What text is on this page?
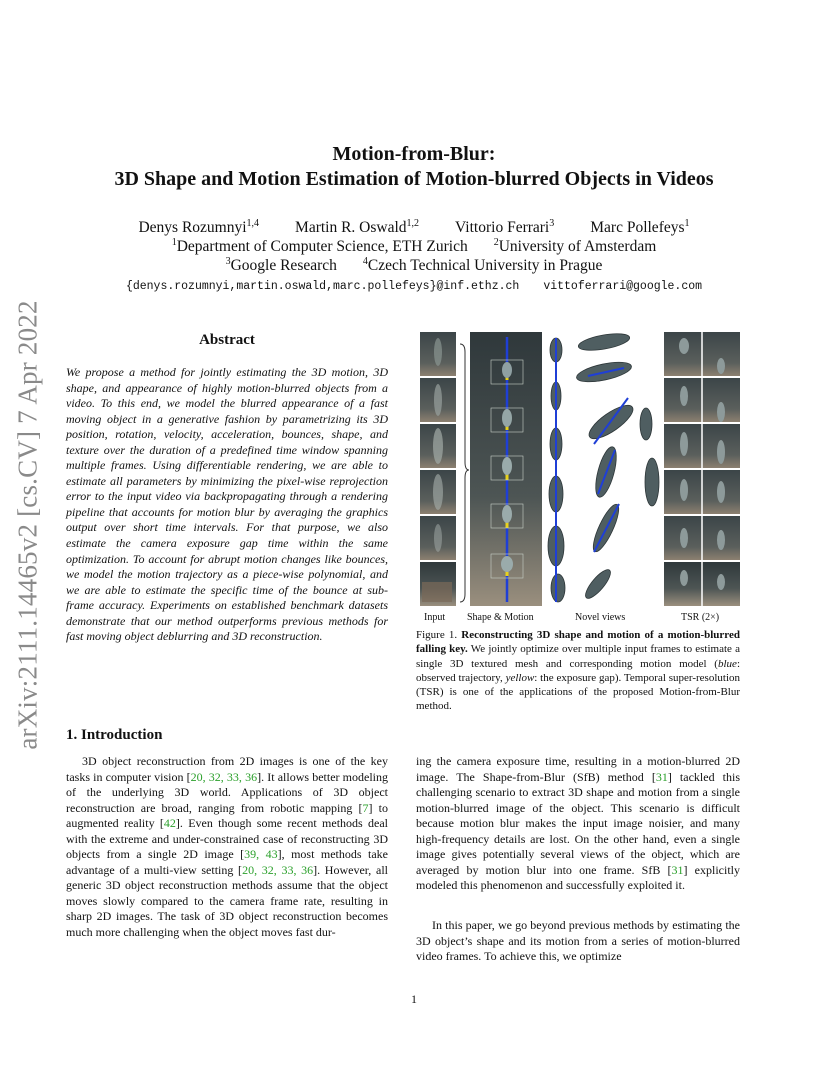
arXiv:2111.14465v2 [cs.CV] 7 Apr 2022
Motion-from-Blur:
3D Shape and Motion Estimation of Motion-blurred Objects in Videos
Denys Rozumnyi$^{1,4}$ Martin R. Oswald$^{1,2}$ Vittorio Ferrari$^3$ Marc Pollefeys$^1$
$^1$Department of Computer Science, ETH Zurich	$^2$University of Amsterdam
$^3$Google Research	$^4$Czech Technical University in Prague
{denys.rozumnyi,martin.oswald,marc.pollefeys}@inf.ethz.ch vittoferrari@google.com
Abstract
We propose a method for jointly estimating the 3D motion, 3D shape, and appearance of highly motion-blurred objects from a video. To this end, we model the blurred appearance of a fast moving object in a generative fashion by parametrizing its 3D position, rotation, velocity, acceleration, bounces, shape, and texture over the duration of a predefined time window spanning multiple frames. Using differentiable rendering, we are able to estimate all parameters by minimizing the pixel-wise reprojection error to the input video via backpropagating through a rendering pipeline that accounts for motion blur by averaging the graphics output over short time intervals. For that purpose, we also estimate the camera exposure gap time within the same optimization. To account for abrupt motion changes like bounces, we model the motion trajectory as a piece-wise polynomial, and we are able to estimate the specific time of the bounce at sub-frame accuracy. Experiments on established benchmark datasets demonstrate that our method outperforms previous methods for fast moving object deblurring and 3D reconstruction.
Input Shape & Motion	Novel views	TSR (2×)
Figure 1. Reconstructing 3D shape and motion of a motion-blurred falling key. We jointly optimize over multiple input frames to estimate a single 3D textured mesh and corresponding motion model (blue: observed trajectory, yellow: the exposure gap). Temporal super-resolution (TSR) is one of the applications of the proposed Motion-from-Blur method.
1. Introduction
3D object reconstruction from 2D images is one of the key tasks in computer vision [20, 32, 33, 36]. It allows better modeling of the underlying 3D world. Applications of 3D object reconstruction are broad, ranging from robotic mapping [7] to augmented reality [42]. Even though some recent methods deal with the extreme and under-constrained case of reconstructing 3D objects from a single 2D image [39, 43], most methods take advantage of a multi-view setting [20, 32, 33, 36]. However, all generic 3D object reconstruction methods assume that the object moves slowly compared to the camera frame rate, resulting in sharp 2D images. The task of 3D object reconstruction becomes much more challenging when the object moves fast dur-
ing the camera exposure time, resulting in a motion-blurred 2D image. The Shape-from-Blur (SfB) method [31] tackled this challenging scenario to extract 3D shape and motion from a single motion-blurred image of the object. This scenario is difficult because motion blur makes the input image noisier, and many high-frequency details are lost. On the other hand, even a single image gives potentially several views of the object, which are averaged by motion blur into one frame. SfB [31] explicitly modeled this phenomenon and successfully exploited it.
In this paper, we go beyond previous methods by estimating the 3D object’s shape and its motion from a series of motion-blurred video frames. To achieve this, we optimize
1
